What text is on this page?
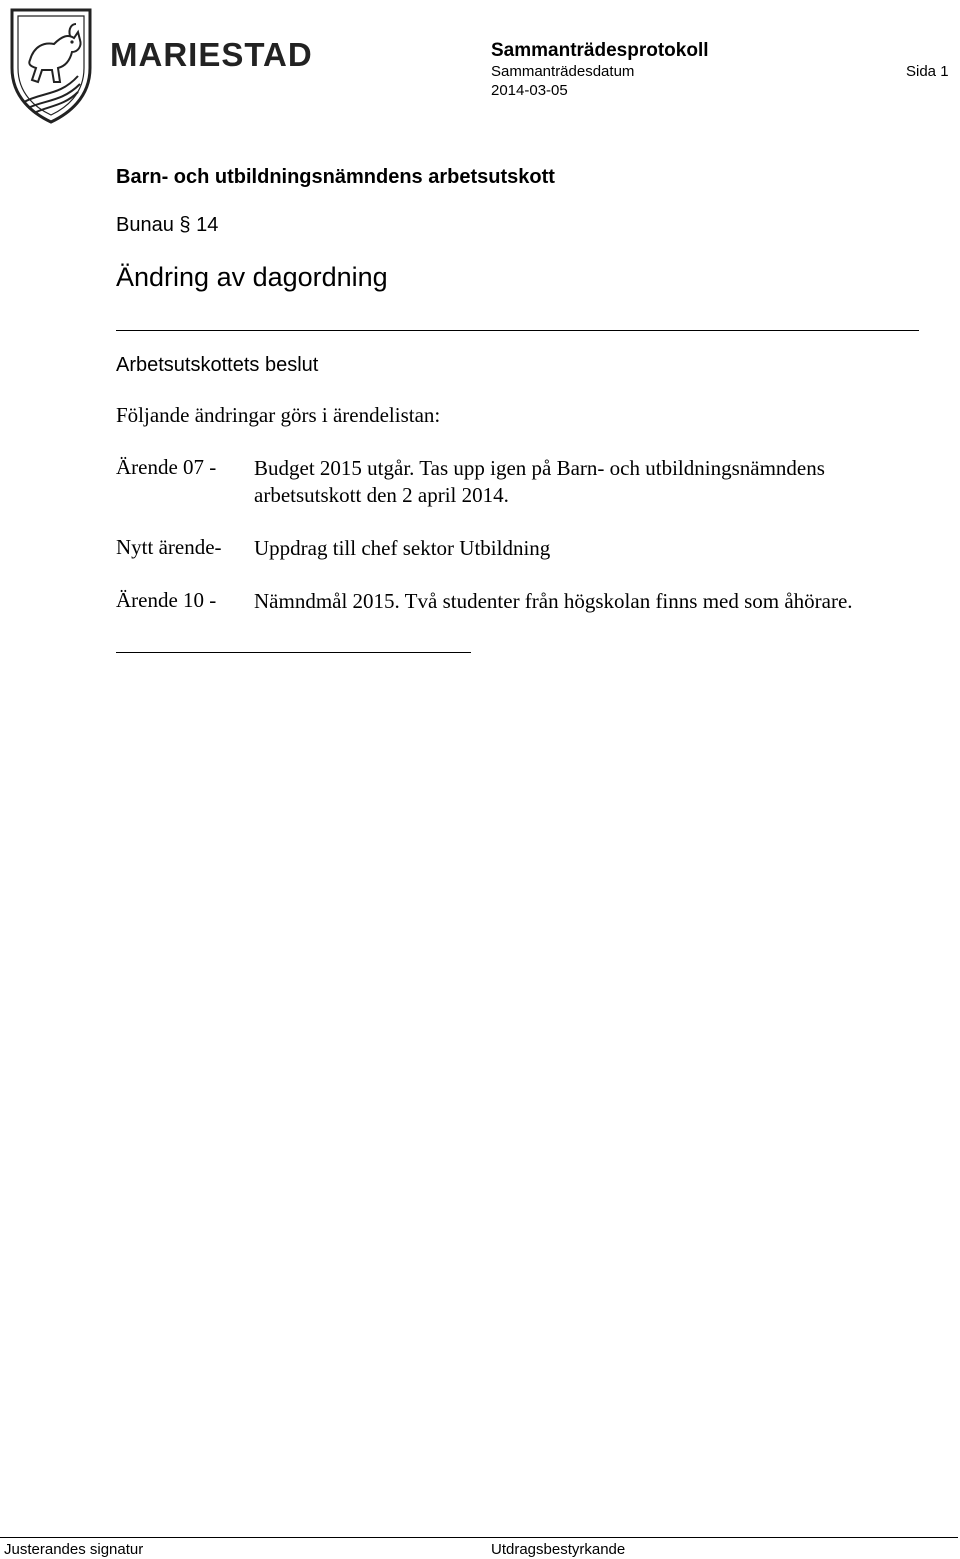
MARIESTAD	Sammanträdesprotokoll
Sammanträdesdatum	Sida 1
2014-03-05
Barn- och utbildningsnämndens arbetsutskott
Bunau § 14
Ändring av dagordning
Arbetsutskottets beslut
Följande ändringar görs i ärendelistan:
Ärende 07 - Budget 2015 utgår. Tas upp igen på Barn- och utbildningsnämndens arbetsutskott den 2 april 2014.
Nytt ärende- Uppdrag till chef sektor Utbildning
Ärende 10 - Nämndmål 2015. Två studenter från högskolan finns med som åhörare.
Justerandes signatur	Utdragsbestyrkande
